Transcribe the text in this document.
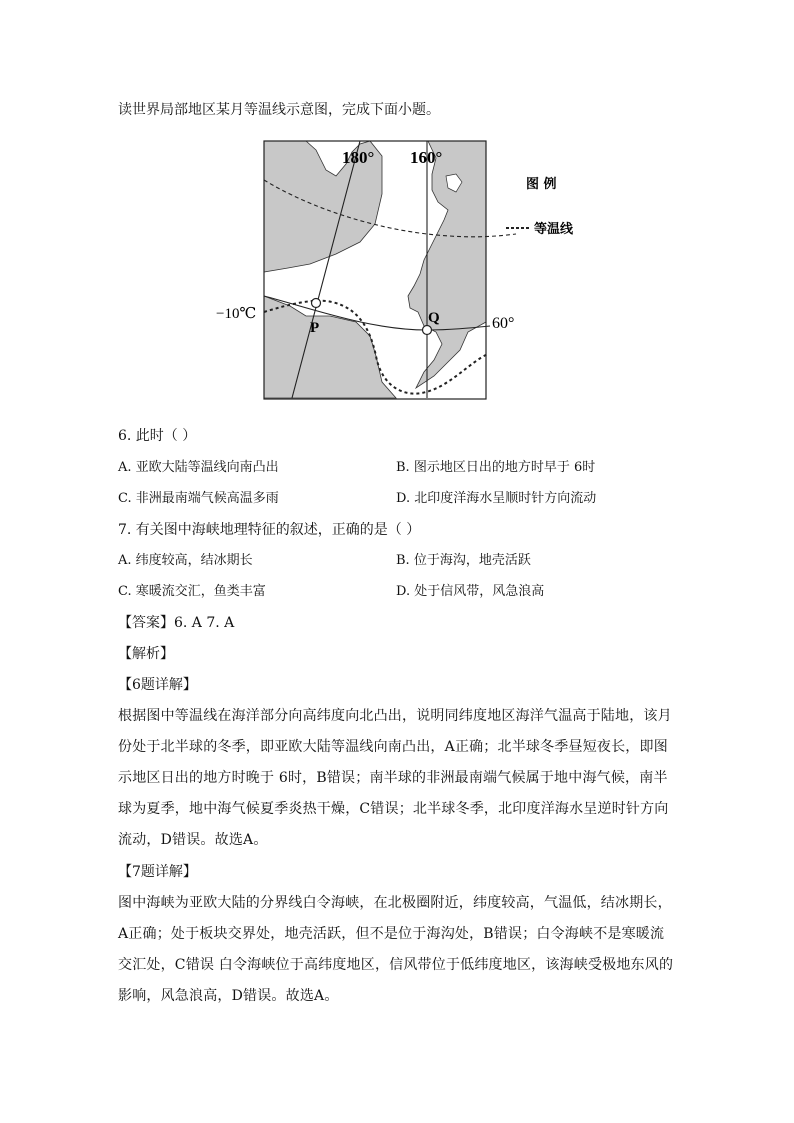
读世界局部地区某月等温线示意图，完成下面小题。
180° 160°
−10℃
P
Q	60°
图 例
等温线
6. 此时（ ）
A. 亚欧大陆等温线向南凸出	B. 图示地区日出的地方时早于 6时
C. 非洲最南端气候高温多雨	D. 北印度洋海水呈顺时针方向流动
7. 有关图中海峡地理特征的叙述，正确的是（ ）
A. 纬度较高，结冰期长	B. 位于海沟，地壳活跃
C. 寒暖流交汇，鱼类丰富	D. 处于信风带，风急浪高
【答案】6. A 7. A
【解析】
【6题详解】
根据图中等温线在海洋部分向高纬度向北凸出，说明同纬度地区海洋气温高于陆地，该月份处于北半球的冬季，即亚欧大陆等温线向南凸出，A正确；北半球冬季昼短夜长，即图示地区日出的地方时晚于 6时，B错误；南半球的非洲最南端气候属于地中海气候，南半球为夏季，地中海气候夏季炎热干燥，C错误；北半球冬季，北印度洋海水呈逆时针方向流动，D错误。故选A。
【7题详解】
图中海峡为亚欧大陆的分界线白令海峡，在北极圈附近，纬度较高，气温低，结冰期长，A正确；处于板块交界处，地壳活跃，但不是位于海沟处，B错误；白令海峡不是寒暖流交汇处，C错误 白令海峡位于高纬度地区，信风带位于低纬度地区，该海峡受极地东风的影响，风急浪高，D错误。故选A。
